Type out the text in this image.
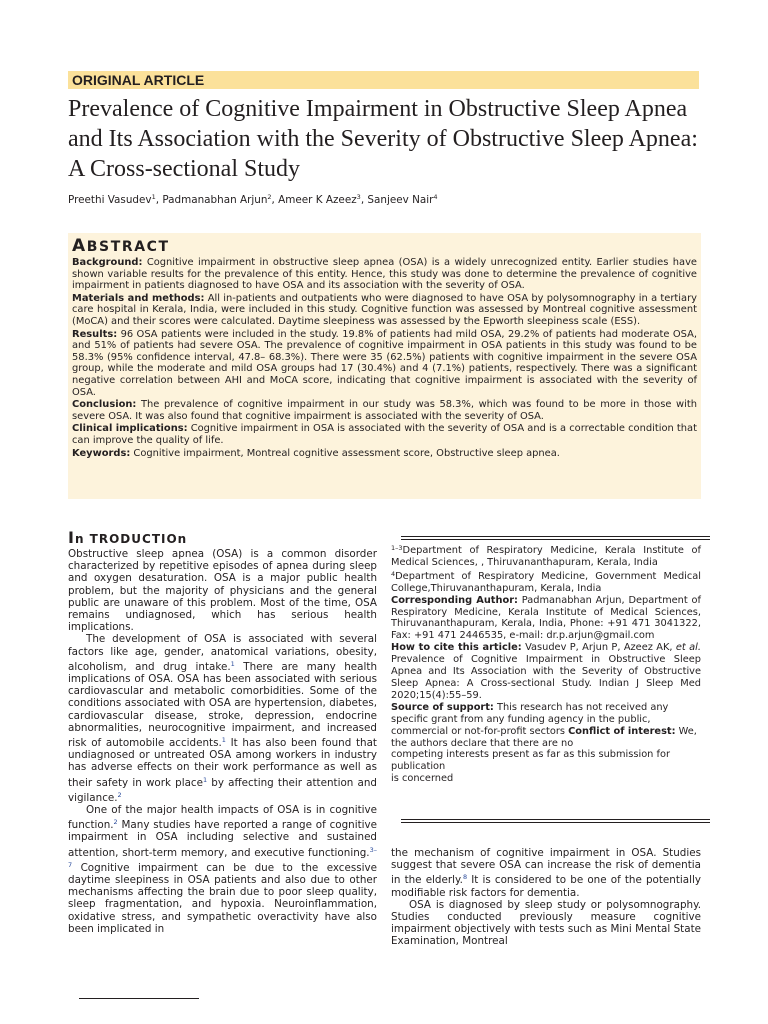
ORIGINAL ARTICLE
Prevalence of Cognitive Impairment in Obstructive Sleep Apnea and Its Association with the Severity of Obstructive Sleep Apnea: A Cross-sectional Study
Preethi Vasudev$^1$, Padmanabhan Arjun$^2$, Ameer K Azeez$^3$, Sanjeev Nair$^4$
ABSTRACT

Background: Cognitive impairment in obstructive sleep apnea (OSA) is a widely unrecognized entity. Earlier studies have shown variable results for the prevalence of this entity. Hence, this study was done to determine the prevalence of cognitive impairment in patients diagnosed to have OSA and its association with the severity of OSA.

Materials and methods: All in-patients and outpatients who were diagnosed to have OSA by polysomnography in a tertiary care hospital in Kerala, India, were included in this study. Cognitive function was assessed by Montreal cognitive assessment (MoCA) and their scores were calculated. Daytime sleepiness was assessed by the Epworth sleepiness scale (ESS).

Results: 96 OSA patients were included in the study. 19.8% of patients had mild OSA, 29.2% of patients had moderate OSA, and 51% of patients had severe OSA. The prevalence of cognitive impairment in OSA patients in this study was found to be 58.3% (95% confidence interval, 47.8– 68.3%). There were 35 (62.5%) patients with cognitive impairment in the severe OSA group, while the moderate and mild OSA groups had 17 (30.4%) and 4 (7.1%) patients, respectively. There was a significant negative correlation between AHI and MoCA score, indicating that cognitive impairment is associated with the severity of OSA.

Conclusion: The prevalence of cognitive impairment in our study was 58.3%, which was found to be more in those with severe OSA. It was also found that cognitive impairment is associated with the severity of OSA.

Clinical implications: Cognitive impairment in OSA is associated with the severity of OSA and is a correctable condition that can improve the quality of life.

Keywords: Cognitive impairment, Montreal cognitive assessment score, Obstructive sleep apnea.

In TRODUCTIOn

Obstructive sleep apnea (OSA) is a common disorder characterized by repetitive episodes of apnea during sleep and oxygen desaturation. OSA is a major public health problem, but the majority of physicians and the general public are unaware of this problem. Most of the time, OSA remains undiagnosed, which has serious health implications.

The development of OSA is associated with several factors like age, gender, anatomical variations, obesity, alcoholism, and drug intake.$^1$ There are many health implications of OSA. OSA has been associated with serious cardiovascular and metabolic comorbidities. Some of the conditions associated with OSA are hypertension, diabetes, cardiovascular disease, stroke, depression, endocrine abnormalities, neurocognitive impairment, and increased risk of automobile accidents.$^1$ It has also been found that undiagnosed or untreated OSA among workers in industry has adverse effects on their work performance as well as their safety in work place$^1$ by affecting their attention and vigilance.$^2$

One of the major health impacts of OSA is in cognitive function.$^2$ Many studies have reported a range of cognitive impairment in OSA including selective and sustained attention, short-term memory, and executive functioning.$^{3-7}$ Cognitive impairment can be due to the excessive daytime sleepiness in OSA patients and also due to other mechanisms affecting the brain due to poor sleep quality, sleep fragmentation, and hypoxia. Neuroinflammation, oxidative stress, and sympathetic overactivity have also been implicated in

$^{1-3}$Department of Respiratory Medicine, Kerala Institute of Medical Sciences, , Thiruvananthapuram, Kerala, India

$^4$Department of Respiratory Medicine, Government Medical College,Thiruvananthapuram, Kerala, India

Corresponding Author: Padmanabhan Arjun, Department of Respiratory Medicine, Kerala Institute of Medical Sciences, Thiruvananthapuram, Kerala, India, Phone: +91 471 3041322, Fax: +91 471 2446535, e-mail: dr.p.arjun@gmail.com

How to cite this article: Vasudev P, Arjun P, Azeez AK, et al. Prevalence of Cognitive Impairment in Obstructive Sleep Apnea and Its Association with the Severity of Obstructive Sleep Apnea: A Cross-sectional Study. Indian J Sleep Med 2020;15(4):55–59.

Source of support: This research has not received any specific grant from any funding agency in the public, commercial or not-for-profit sectors Conflict of interest: We, the authors declare that there are no

competing interests present as far as this submission for publication

is concerned

the mechanism of cognitive impairment in OSA. Studies suggest that severe OSA can increase the risk of dementia in the elderly.$^8$ It is considered to be one of the potentially modifiable risk factors for dementia.

OSA is diagnosed by sleep study or polysomnography. Studies conducted previously measure cognitive impairment objectively with tests such as Mini Mental State Examination, Montreal
